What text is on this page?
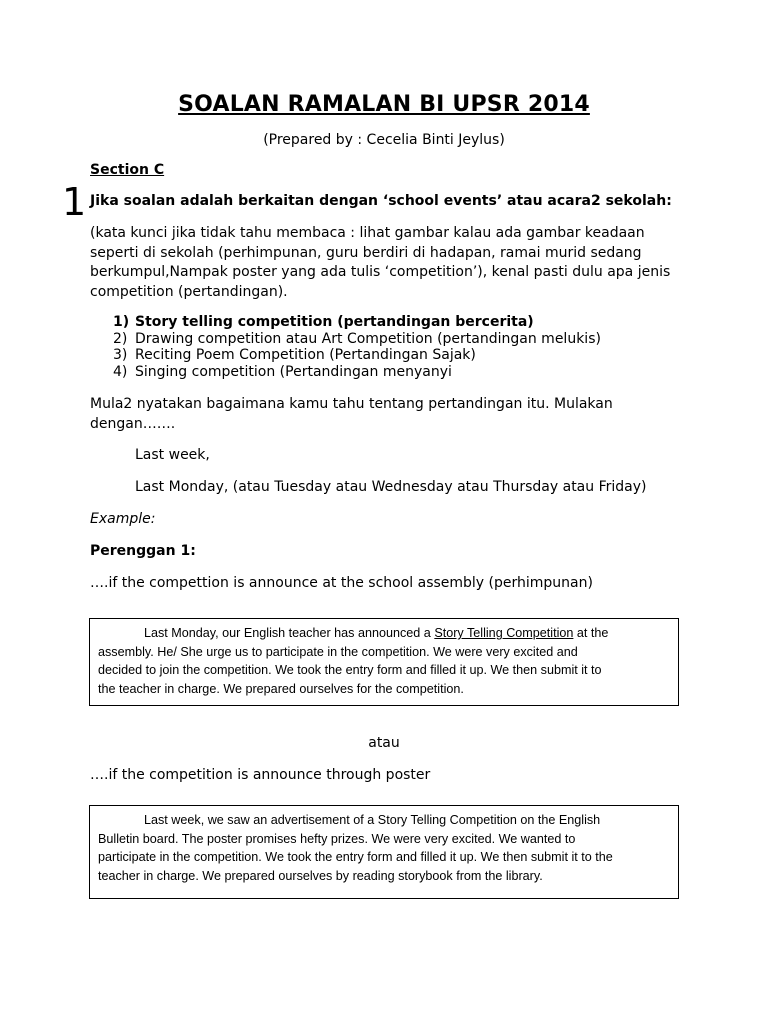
SOALAN RAMALAN BI UPSR 2014
(Prepared by : Cecelia Binti Jeylus)
Section C
1 Jika soalan adalah berkaitan dengan ‘school events’ atau acara2 sekolah:
(kata kunci jika tidak tahu membaca : lihat gambar kalau ada gambar keadaan
seperti di sekolah (perhimpunan, guru berdiri di hadapan, ramai murid sedang
berkumpul,Nampak poster yang ada tulis ‘competition’), kenal pasti dulu apa jenis
competition (pertandingan).
1) Story telling competition (pertandingan bercerita)
2) Drawing competition atau Art Competition (pertandingan melukis)
3) Reciting Poem Competition (Pertandingan Sajak)
4) Singing competition (Pertandingan menyanyi
Mula2 nyatakan bagaimana kamu tahu tentang pertandingan itu. Mulakan
dengan…….
Last week,
Last Monday, (atau Tuesday atau Wednesday atau Thursday atau Friday)
Example:
Perenggan 1:
….if the compettion is announce at the school assembly (perhimpunan)
Last Monday, our English teacher has announced a Story Telling Competition at the
assembly. He/ She urge us to participate in the competition. We were very excited and
decided to join the competition. We took the entry form and filled it up. We then submit it to
the teacher in charge. We prepared ourselves for the competition.
atau
….if the competition is announce through poster
Last week, we saw an advertisement of a Story Telling Competition on the English
Bulletin board. The poster promises hefty prizes. We were very excited. We wanted to
participate in the competition. We took the entry form and filled it up. We then submit it to the
teacher in charge. We prepared ourselves by reading storybook from the library.
